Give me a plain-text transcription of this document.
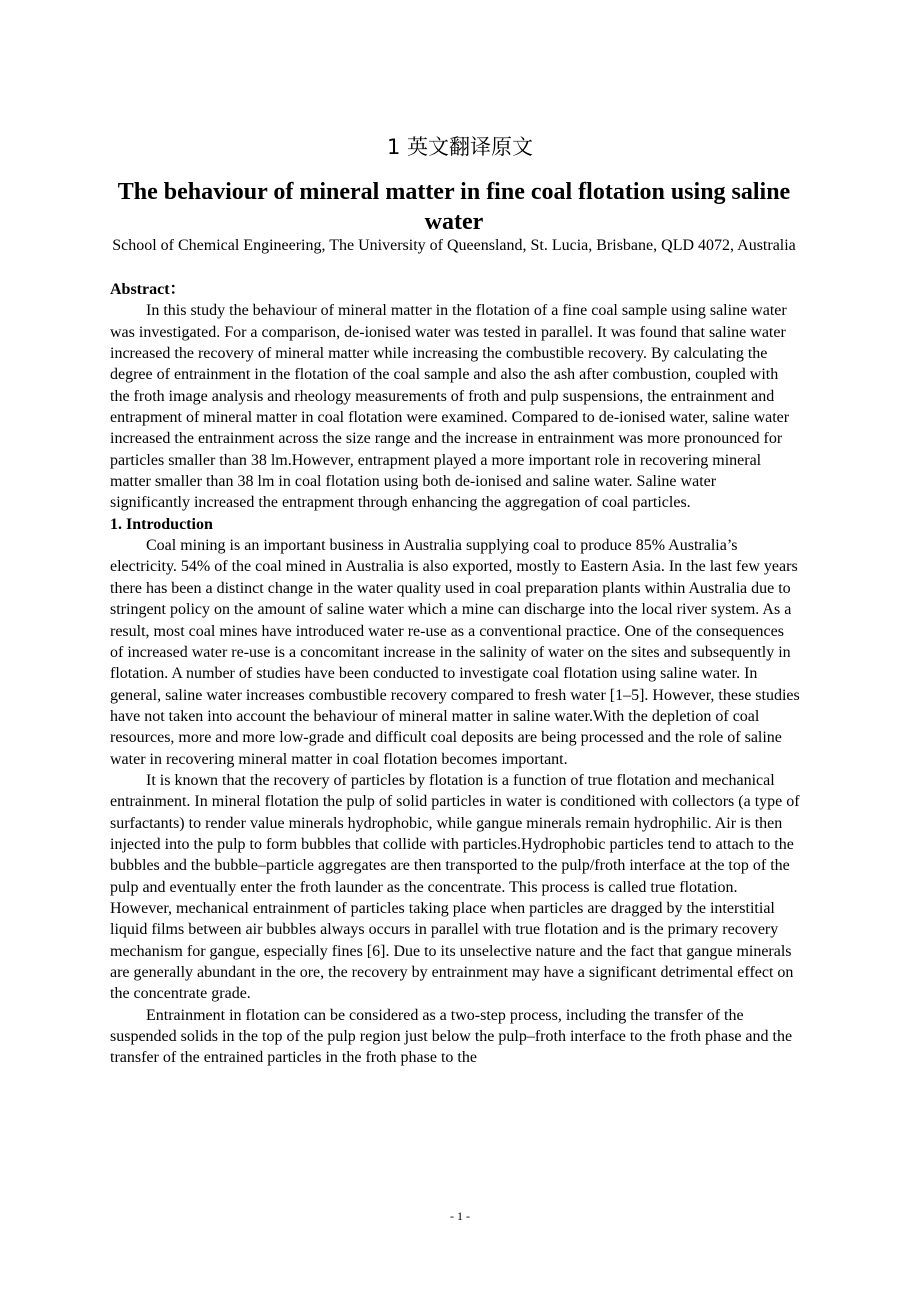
1 英文翻译原文
The behaviour of mineral matter in fine coal flotation using saline water
School of Chemical Engineering, The University of Queensland, St. Lucia, Brisbane, QLD 4072, Australia
Abstract：

In this study the behaviour of mineral matter in the flotation of a fine coal sample using saline water was investigated. For a comparison, de-ionised water was tested in parallel. It was found that saline water increased the recovery of mineral matter while increasing the combustible recovery. By calculating the degree of entrainment in the flotation of the coal sample and also the ash after combustion, coupled with the froth image analysis and rheology measurements of froth and pulp suspensions, the entrainment and entrapment of mineral matter in coal flotation were examined. Compared to de-ionised water, saline water increased the entrainment across the size range and the increase in entrainment was more pronounced for particles smaller than 38 lm.However, entrapment played a more important role in recovering mineral matter smaller than 38 lm in coal flotation using both de-ionised and saline water. Saline water significantly increased the entrapment through enhancing the aggregation of coal particles.

1. Introduction

Coal mining is an important business in Australia supplying coal to produce 85% Australia’s electricity. 54% of the coal mined in Australia is also exported, mostly to Eastern Asia. In the last few years there has been a distinct change in the water quality used in coal preparation plants within Australia due to stringent policy on the amount of saline water which a mine can discharge into the local river system. As a result, most coal mines have introduced water re-use as a conventional practice. One of the consequences of increased water re-use is a concomitant increase in the salinity of water on the sites and subsequently in flotation. A number of studies have been conducted to investigate coal flotation using saline water. In general, saline water increases combustible recovery compared to fresh water [1–5]. However, these studies have not taken into account the behaviour of mineral matter in saline water.With the depletion of coal resources, more and more low-grade and difficult coal deposits are being processed and the role of saline water in recovering mineral matter in coal flotation becomes important.

It is known that the recovery of particles by flotation is a function of true flotation and mechanical entrainment. In mineral flotation the pulp of solid particles in water is conditioned with collectors (a type of surfactants) to render value minerals hydrophobic, while gangue minerals remain hydrophilic. Air is then injected into the pulp to form bubbles that collide with particles.Hydrophobic particles tend to attach to the bubbles and the bubble–particle aggregates are then transported to the pulp/froth interface at the top of the pulp and eventually enter the froth launder as the concentrate. This process is called true flotation. However, mechanical entrainment of particles taking place when particles are dragged by the interstitial liquid films between air bubbles always occurs in parallel with true flotation and is the primary recovery mechanism for gangue, especially fines [6]. Due to its unselective nature and the fact that gangue minerals are generally abundant in the ore, the recovery by entrainment may have a significant detrimental effect on the concentrate grade.

Entrainment in flotation can be considered as a two-step process, including the transfer of the suspended solids in the top of the pulp region just below the pulp–froth interface to the froth phase and the transfer of the entrained particles in the froth phase to the

- 1 -
